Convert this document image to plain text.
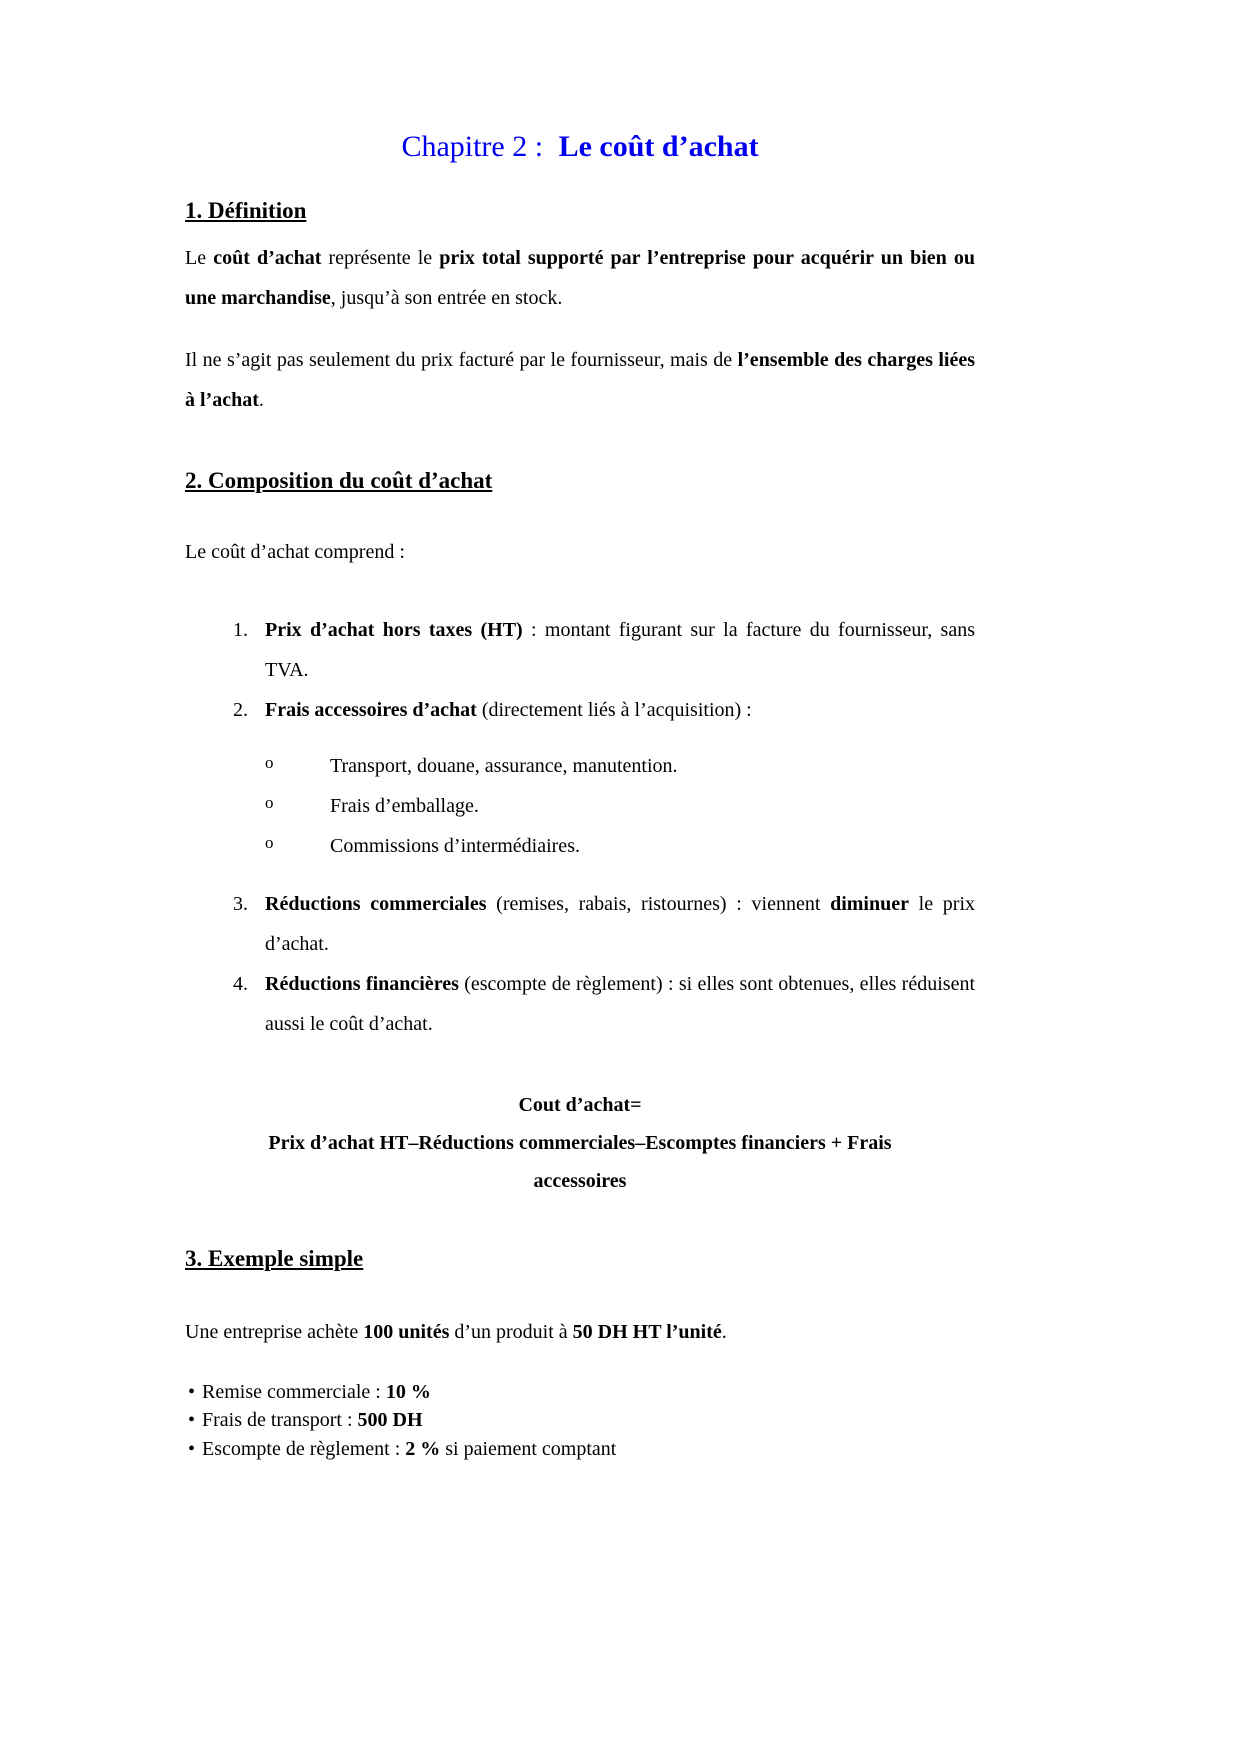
Chapitre 2 : Le coût d’achat
1. Définition

Le coût d’achat représente le prix total supporté par l’entreprise pour acquérir un bien ou une marchandise, jusqu’à son entrée en stock.

Il ne s’agit pas seulement du prix facturé par le fournisseur, mais de l’ensemble des charges liées à l’achat.

2. Composition du coût d’achat

Le coût d’achat comprend :

1. Prix d’achat hors taxes (HT) : montant figurant sur la facture du fournisseur, sans TVA.
2. Frais accessoires d’achat (directement liés à l’acquisition) :
o	Transport, douane, assurance, manutention.
o	Frais d’emballage.
o	Commissions d’intermédiaires.
3. Réductions commerciales (remises, rabais, ristournes) : viennent diminuer le prix d’achat.
4. Réductions financières (escompte de règlement) : si elles sont obtenues, elles réduisent aussi le coût d’achat.

Cout d’achat=

Prix d’achat HT–Réductions commerciales–Escomptes financiers + Frais

accessoires

3. Exemple simple

Une entreprise achète 100 unités d’un produit à 50 DH HT l’unité.

• Remise commerciale : 10 %
• Frais de transport : 500 DH
• Escompte de règlement : 2 % si paiement comptant
